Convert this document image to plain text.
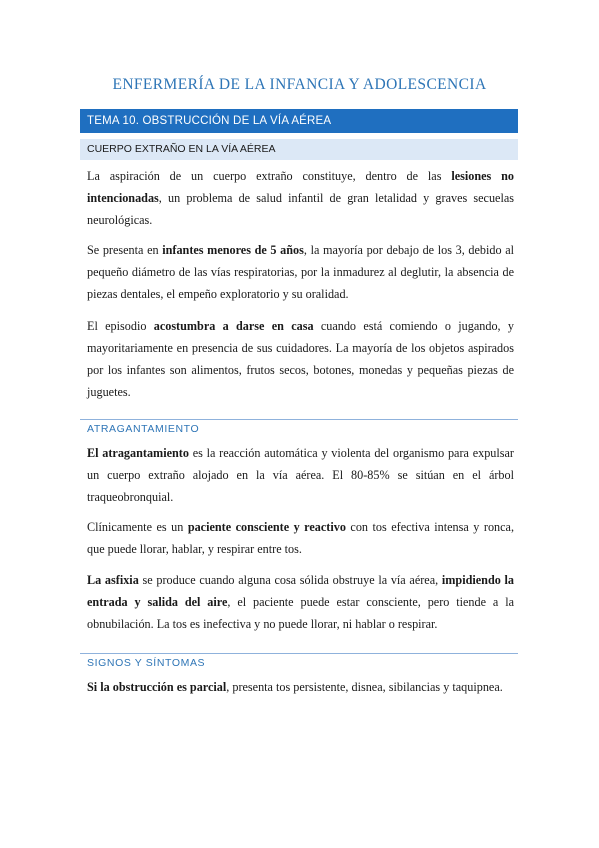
ENFERMERÍA DE LA INFANCIA Y ADOLESCENCIA
TEMA 10. OBSTRUCCIÓN DE LA VÍA AÉREA
CUERPO EXTRAÑO EN LA VÍA AÉREA

La aspiración de un cuerpo extraño constituye, dentro de las lesiones no intencionadas, un problema de salud infantil de gran letalidad y graves secuelas neurológicas.

Se presenta en infantes menores de 5 años, la mayoría por debajo de los 3, debido al pequeño diámetro de las vías respiratorias, por la inmadurez al deglutir, la absencia de piezas dentales, el empeño exploratorio y su oralidad.

El episodio acostumbra a darse en casa cuando está comiendo o jugando, y mayoritariamente en presencia de sus cuidadores. La mayoría de los objetos aspirados por los infantes son alimentos, frutos secos, botones, monedas y pequeñas piezas de juguetes.

ATRAGANTAMIENTO

El atragantamiento es la reacción automática y violenta del organismo para expulsar un cuerpo extraño alojado en la vía aérea. El 80-85% se sitúan en el árbol traqueobronquial.

Clínicamente es un paciente consciente y reactivo con tos efectiva intensa y ronca, que puede llorar, hablar, y respirar entre tos.

La asfixia se produce cuando alguna cosa sólida obstruye la vía aérea, impidiendo la entrada y salida del aire, el paciente puede estar consciente, pero tiende a la obnubilación. La tos es inefectiva y no puede llorar, ni hablar o respirar.

SIGNOS Y SÍNTOMAS

Si la obstrucción es parcial, presenta tos persistente, disnea, sibilancias y taquipnea.
